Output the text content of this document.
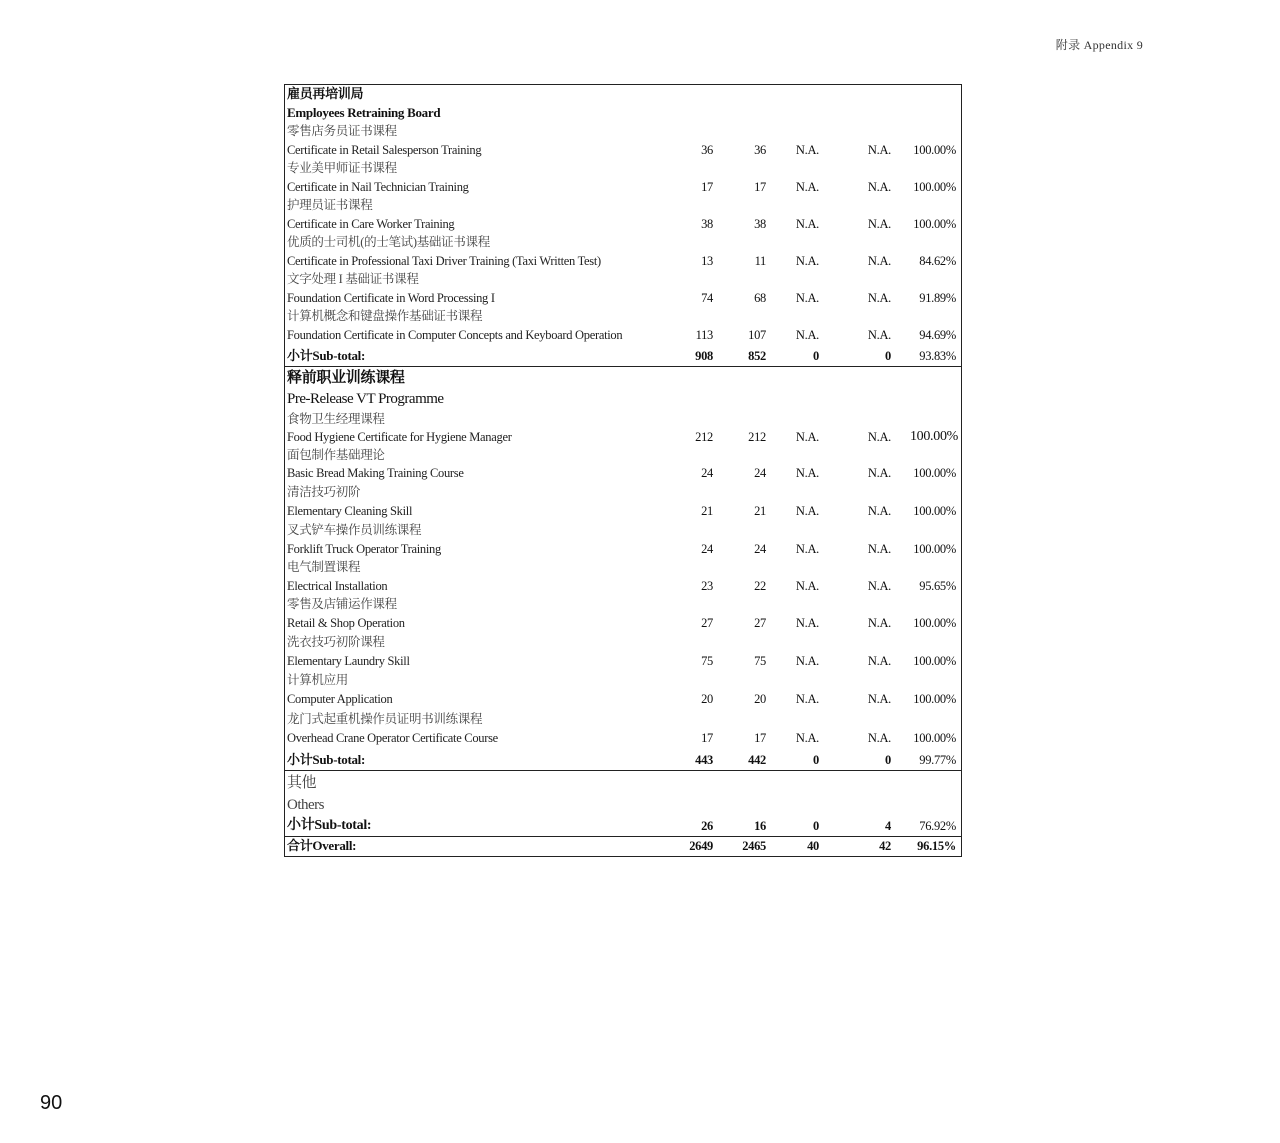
附录 Appendix 9
雇员再培训局
Employees Retraining Board
零售店务员证书课程
Certificate in Retail Salesperson Training	36	36 N.A.	N.A. 100.00%
专业美甲师证书课程
Certificate in Nail Technician Training	17	17 N.A.	N.A. 100.00%
护理员证书课程
Certificate in Care Worker Training	38	38 N.A.	N.A. 100.00%
优质的士司机(的士笔试)基础证书课程
Certificate in Professional Taxi Driver Training (Taxi Written Test)	13	11 N.A.	N.A. 84.62%
文字处理 I 基础证书课程
Foundation Certificate in Word Processing I	74	68 N.A.	N.A. 91.89%
计算机概念和键盘操作基础证书课程
Foundation Certificate in Computer Concepts and Keyboard Operation	113	107 N.A.	N.A. 94.69%
小计Sub-total:	908	852	0	0 93.83%
释前职业训练课程
Pre-Release VT Programme
食物卫生经理课程
Food Hygiene Certificate for Hygiene Manager	212	212 N.A.	N.A. 100.00%
面包制作基础理论
Basic Bread Making Training Course	24	24 N.A.	N.A. 100.00%
清洁技巧初阶
Elementary Cleaning Skill	21	21 N.A.	N.A. 100.00%
叉式铲车操作员训练课程
Forklift Truck Operator Training	24	24 N.A.	N.A. 100.00%
电气制置课程
Electrical Installation	23	22 N.A.	N.A. 95.65%
零售及店铺运作课程
Retail & Shop Operation	27	27 N.A.	N.A. 100.00%
洗衣技巧初阶课程
Elementary Laundry Skill	75	75 N.A.	N.A. 100.00%
计算机应用
Computer Application	20	20 N.A.	N.A. 100.00%
龙门式起重机操作员证明书训练课程
Overhead Crane Operator Certificate Course	17	17 N.A.	N.A. 100.00%
小计Sub-total:	443	442	0	0 99.77%
其他
Others
小计Sub-total:	26	16	0	4 76.92%
合计Overall:	2649 2465	40	42 96.15%
90
